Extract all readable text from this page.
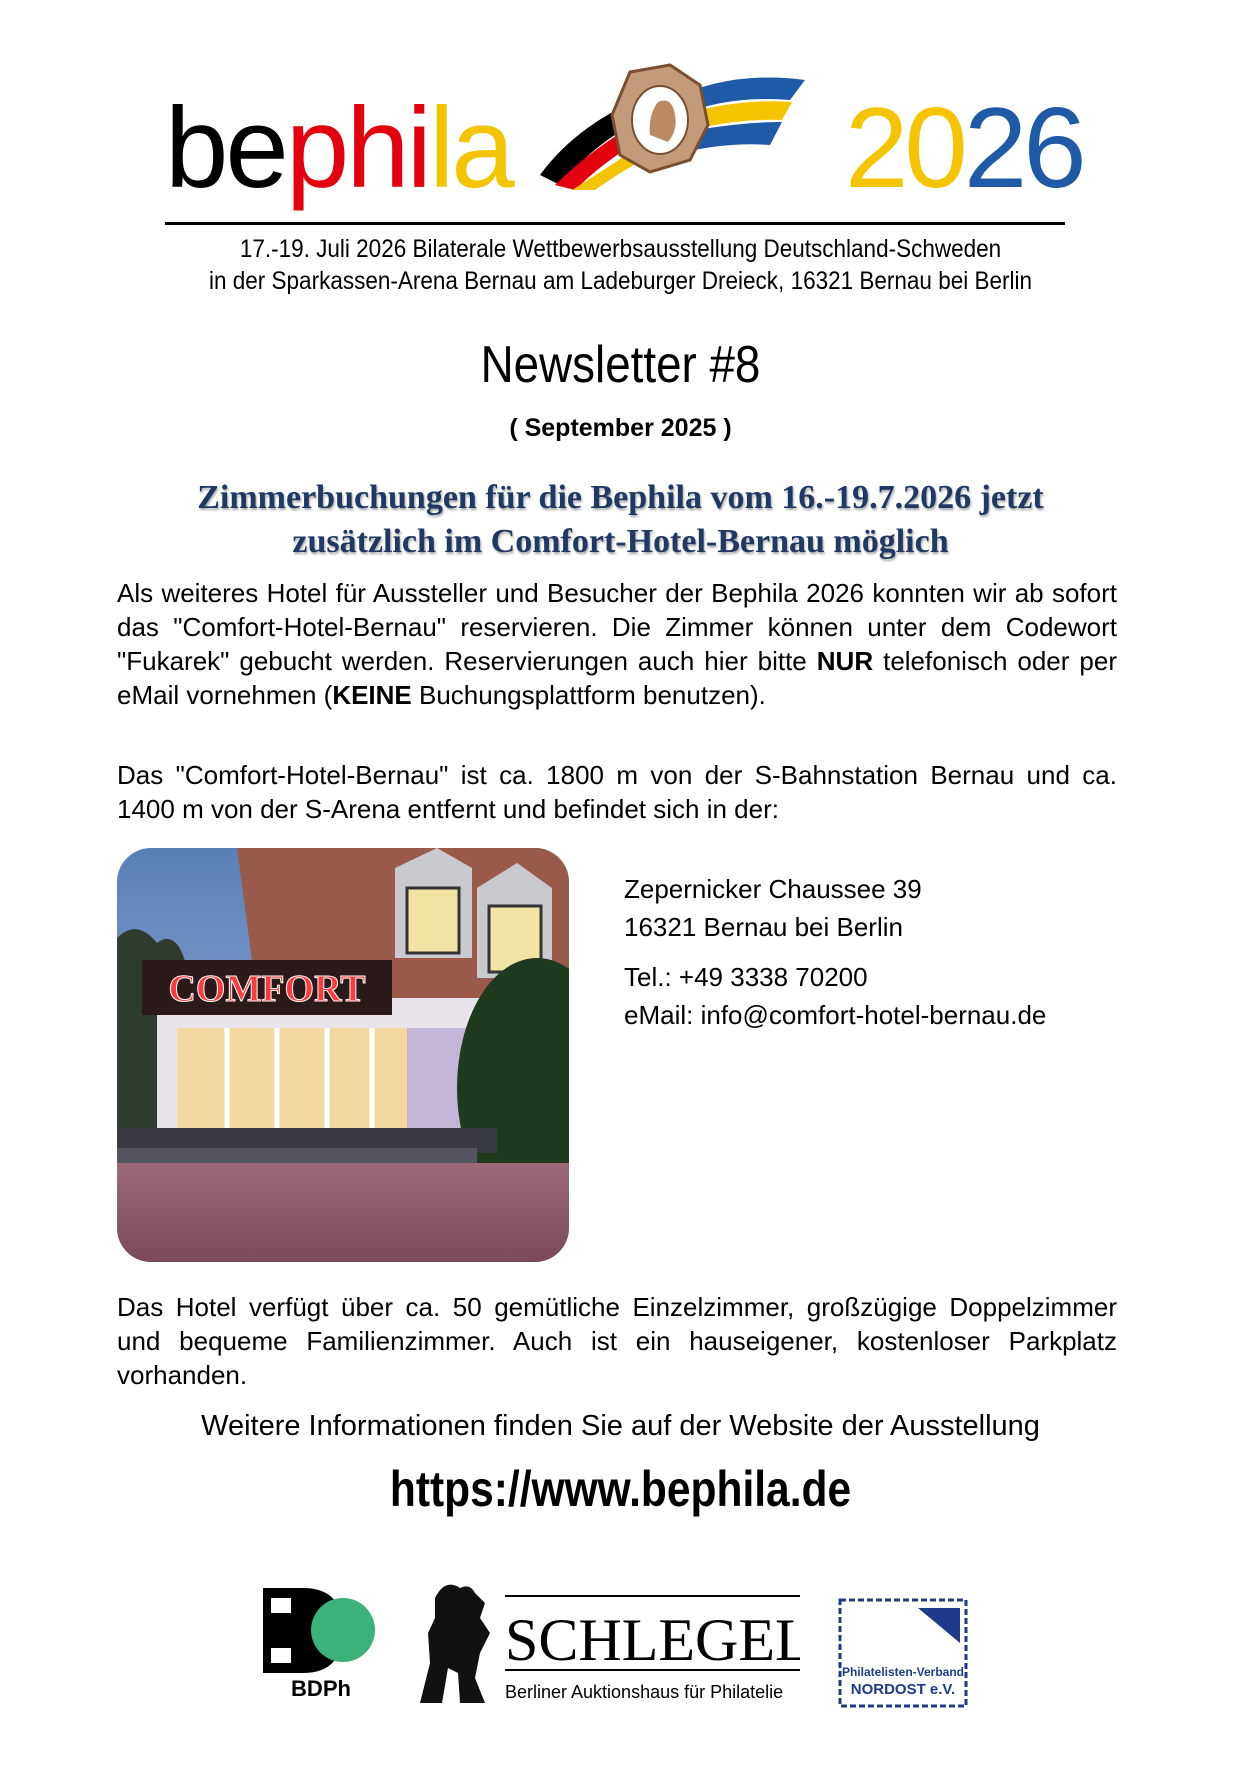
bephila	2026
17.-19. Juli 2026 Bilaterale Wettbewerbsausstellung Deutschland-Schweden
in der Sparkassen-Arena Bernau am Ladeburger Dreieck, 16321 Bernau bei Berlin
Newsletter #8
( September 2025 )
Zimmerbuchungen für die Bephila vom 16.-19.7.2026 jetzt
zusätzlich im Comfort-Hotel-Bernau möglich
Als weiteres Hotel für Aussteller und Besucher der Bephila 2026 konnten wir ab sofort das "Comfort-Hotel-Bernau" reservieren. Die Zimmer können unter dem Codewort "Fukarek" gebucht werden. Reservierungen auch hier bitte NUR telefonisch oder per eMail vornehmen (KEINE Buchungsplattform benutzen).
Das "Comfort-Hotel-Bernau" ist ca. 1800 m von der S-Bahnstation Bernau und ca. 1400 m von der S-Arena entfernt und befindet sich in der:
COMFORT
Zepernicker Chaussee 39
16321 Bernau bei Berlin
Tel.: +49 3338 70200
eMail: info@comfort-hotel-bernau.de
Das Hotel verfügt über ca. 50 gemütliche Einzelzimmer, großzügige Doppelzimmer und bequeme Familienzimmer. Auch ist ein hauseigener, kostenloser Parkplatz vorhanden.
Weitere Informationen finden Sie auf der Website der Ausstellung
https://www.bephila.de
BDPh
SCHLEGEL
Berliner Auktionshaus für Philatelie
Philatelisten-Verband
NORDOST e.V.
